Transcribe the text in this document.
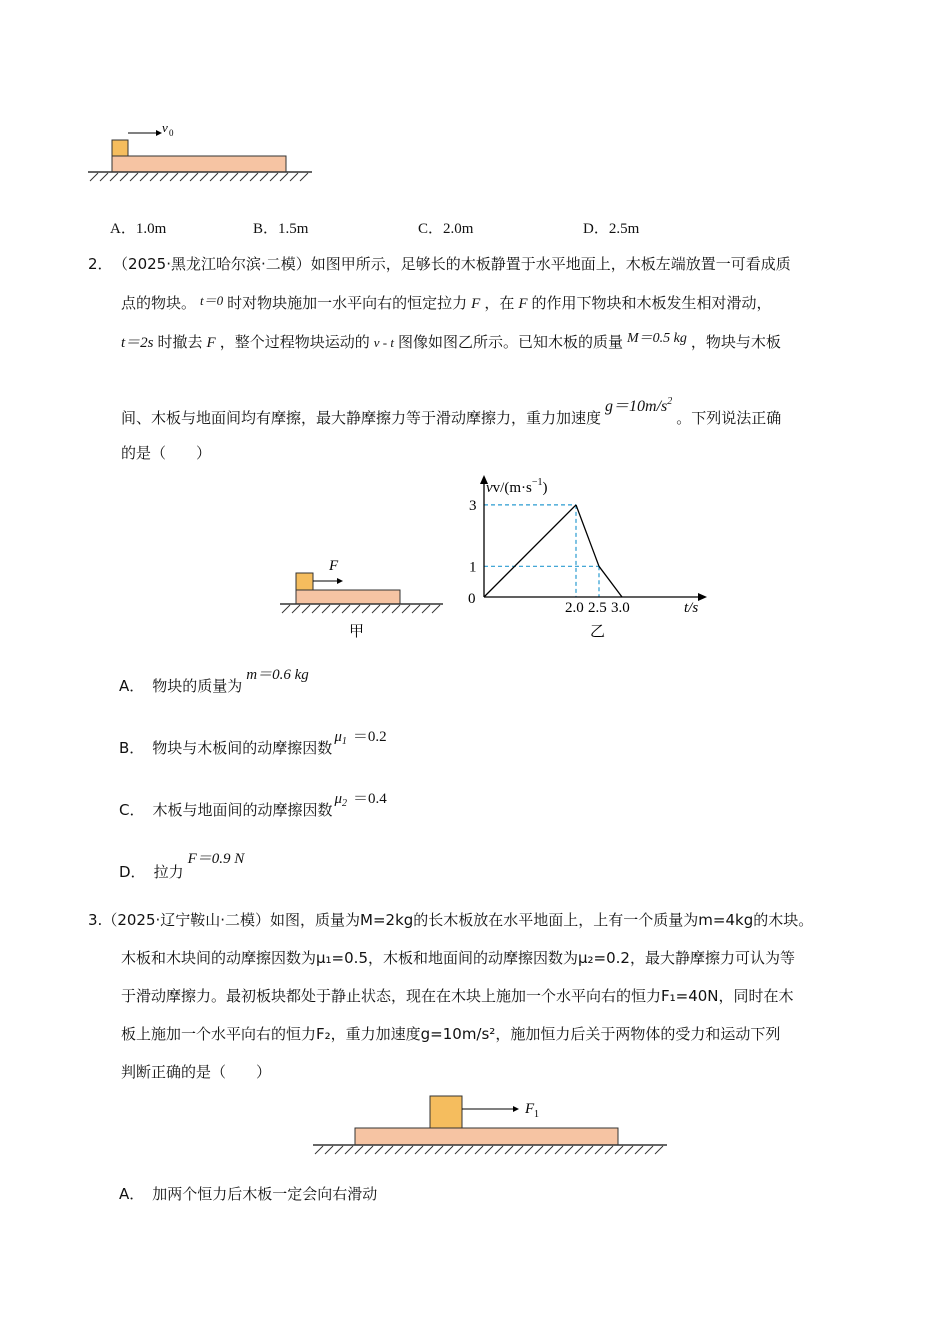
v 0
A．1.0m	B．1.5m	C．2.0m	D．2.5m
2． （2025·黑龙江哈尔滨·二模）如图甲所示，足够长的木板静置于水平地面上，木板左端放置一可看成质
点的物块。 t＝0 时对物块施加一水平向右的恒定拉力 F ，在 F 的作用下物块和木板发生相对滑动，
t＝2s 时撤去 F ，整个过程物块运动的 v - t 图像如图乙所示。已知木板的质量 M＝0.5 kg ，物块与木板
间、木板与地面间均有摩擦，最大静摩擦力等于滑动摩擦力，重力加速度$g=10m/s^2$。下列说法正确
的是（　　）
F
甲
2.0 2.5 3.0
3
1
$vv/(m\cdot s^{-1})$
t/s
0
乙
A． 物块的质量为m＝0.6 kg
B． 物块与木板间的动摩擦因数$\mu_1 =0.2$
C． 木板与地面间的动摩擦因数$\mu_2 =0.4$
D． 拉力F＝0.9 N
3.（2025·辽宁鞍山·二模）如图，质量为M=2kg的长木板放在水平地面上，上有一个质量为m=4kg的木块。
木板和木块间的动摩擦因数为μ₁=0.5，木板和地面间的动摩擦因数为μ₂=0.2，最大静摩擦力可认为等
于滑动摩擦力。最初板块都处于静止状态，现在在木块上施加一个水平向右的恒力F₁=40N，同时在木
板上施加一个水平向右的恒力F₂，重力加速度g=10m/s²，施加恒力后关于两物体的受力和运动下列
判断正确的是（　　）
F 1
A． 加两个恒力后木板一定会向右滑动
